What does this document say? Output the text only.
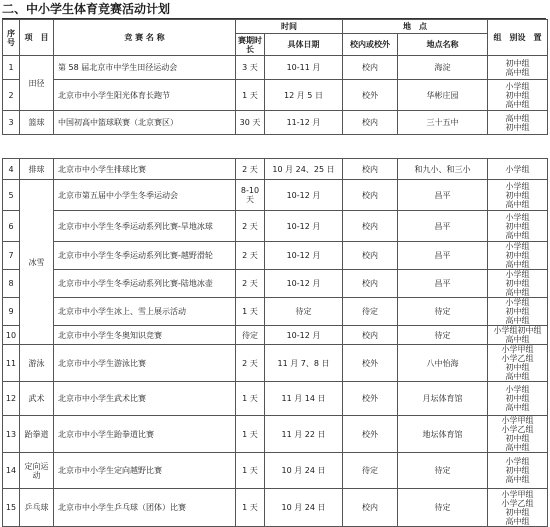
二、中小学生体育竞赛活动计划
序号	项　目	竞 赛 名 称	时间		地　点		组　别设　置
			赛期时长	具体日期	校内或校外	地点名称	
1	田径	第 58 届北京市中学生田径运动会	3 天	10-11 月	校内	海淀	初中组
高中组

2		北京市中小学生阳光体育长跑节	1 天	12 月 5 日	校外	华彬庄园	小学组
初中组
高中组

3	篮球	中国初高中篮球联赛（北京赛区）	30 天	11-12 月	校内	三十五中	高中组
初中组
4	排球	北京市中小学生排球比赛	2 天	10 月 24、25 日	校内	和九小、和三小	小学组

5	冰雪	北京市第五届中小学生冬季运动会	8-10天	10-12 月	校内	昌平	小学组
初中组
高中组

6		北京市中小学生冬季运动系列比赛-旱地冰球	2 天	10-12 月	校内	昌平	小学组
初中组
高中组

7		北京市中小学生冬季运动系列比赛-越野滑轮	2 天	10-12 月	校内	昌平	小学组
初中组
高中组

8		北京市中小学生冬季运动系列比赛-陆地冰壶	2 天	10-12 月	校内	昌平	小学组
初中组
高中组

9		北京市中小学生冰上、雪上展示活动	1 天	待定	待定	待定	小学组
初中组
高中组

10		北京市中小学生冬奥知识竞赛	待定	10-12 月	校内	待定	小学组初中组
高中组

11	游泳	北京市中小学生游泳比赛	2 天	11 月 7、8 日	校外	八中怡海	小学甲组
小学乙组
初中组
高中组

12	武术	北京市中小学生武术比赛	1 天	11 月 14 日	校外	月坛体育馆	小学组
初中组
高中组

13	跆拳道	北京市中小学生跆拳道比赛	1 天	11 月 22 日	校外	地坛体育馆	小学甲组
小学乙组
初中组
高中组

14	定向运动	北京市中小学生定向越野比赛	1 天	10 月 24 日	待定	待定	小学组
初中组
高中组

15	乒乓球	北京市中小学生乒乓球（团体）比赛	1 天	10 月 24 日	校内	待定	小学甲组
小学乙组
初中组
高中组
